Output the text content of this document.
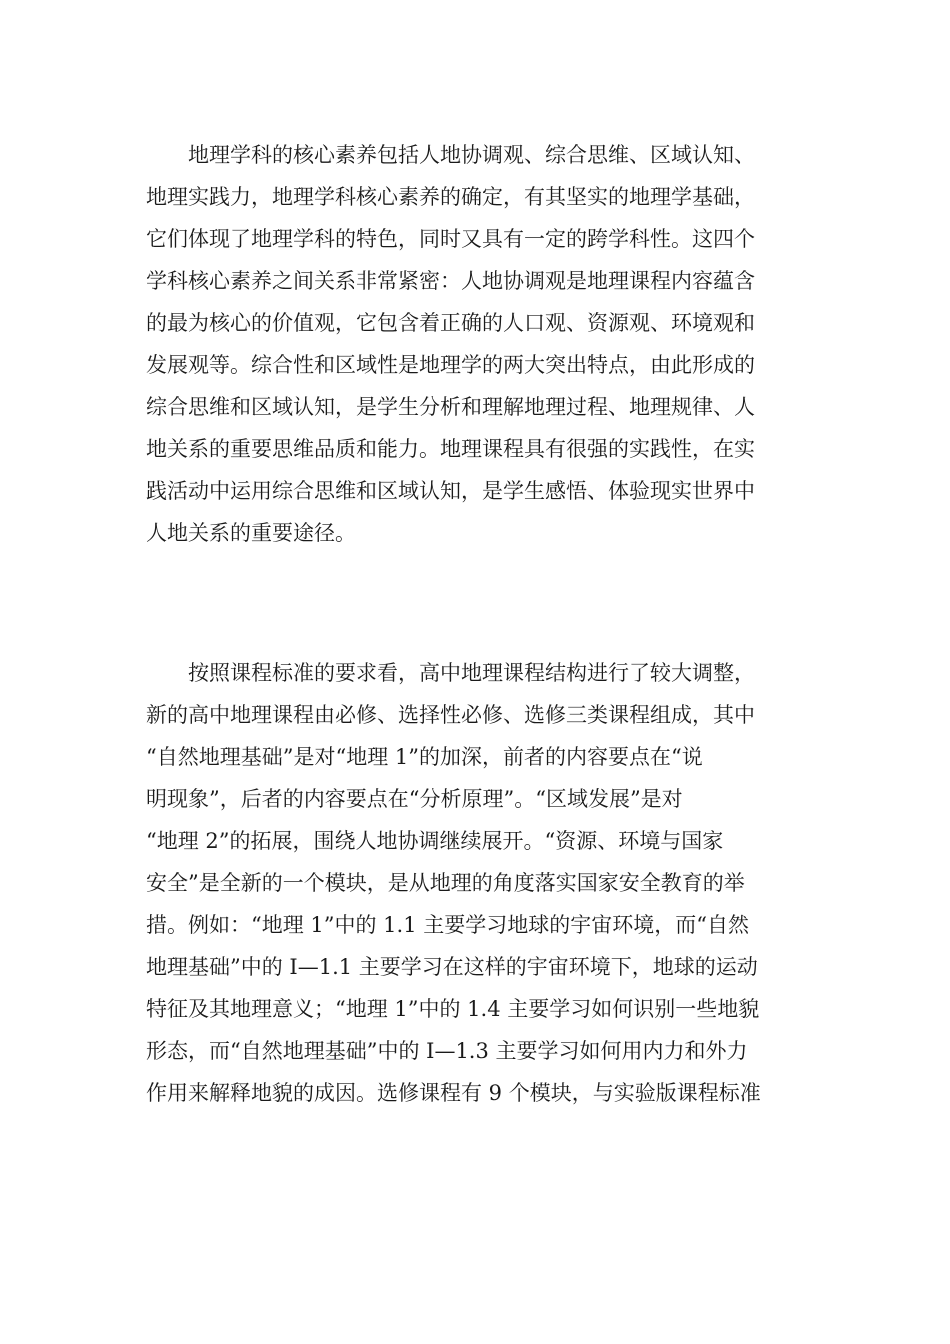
地理学科的核心素养包括人地协调观、综合思维、区域认知、
地理实践力，地理学科核心素养的确定，有其坚实的地理学基础，
它们体现了地理学科的特色，同时又具有一定的跨学科性。这四个
学科核心素养之间关系非常紧密：人地协调观是地理课程内容蕴含
的最为核心的价值观，它包含着正确的人口观、资源观、环境观和
发展观等。综合性和区域性是地理学的两大突出特点，由此形成的
综合思维和区域认知，是学生分析和理解地理过程、地理规律、人
地关系的重要思维品质和能力。地理课程具有很强的实践性，在实
践活动中运用综合思维和区域认知，是学生感悟、体验现实世界中
人地关系的重要途径。

按照课程标准的要求看，高中地理课程结构进行了较大调整，
新的高中地理课程由必修、选择性必修、选修三类课程组成，其中
“自然地理基础”是对“地理 1”的加深，前者的内容要点在“说
明现象”，后者的内容要点在“分析原理”。“区域发展”是对
“地理 2”的拓展，围绕人地协调继续展开。“资源、环境与国家
安全”是全新的一个模块，是从地理的角度落实国家安全教育的举
措。例如：“地理 1”中的 1.1 主要学习地球的宇宙环境，而“自然
地理基础”中的 I—1.1 主要学习在这样的宇宙环境下，地球的运动
特征及其地理意义；“地理 1”中的 1.4 主要学习如何识别一些地貌
形态，而“自然地理基础”中的 I—1.3 主要学习如何用内力和外力
作用来解释地貌的成因。选修课程有 9 个模块，与实验版课程标准
